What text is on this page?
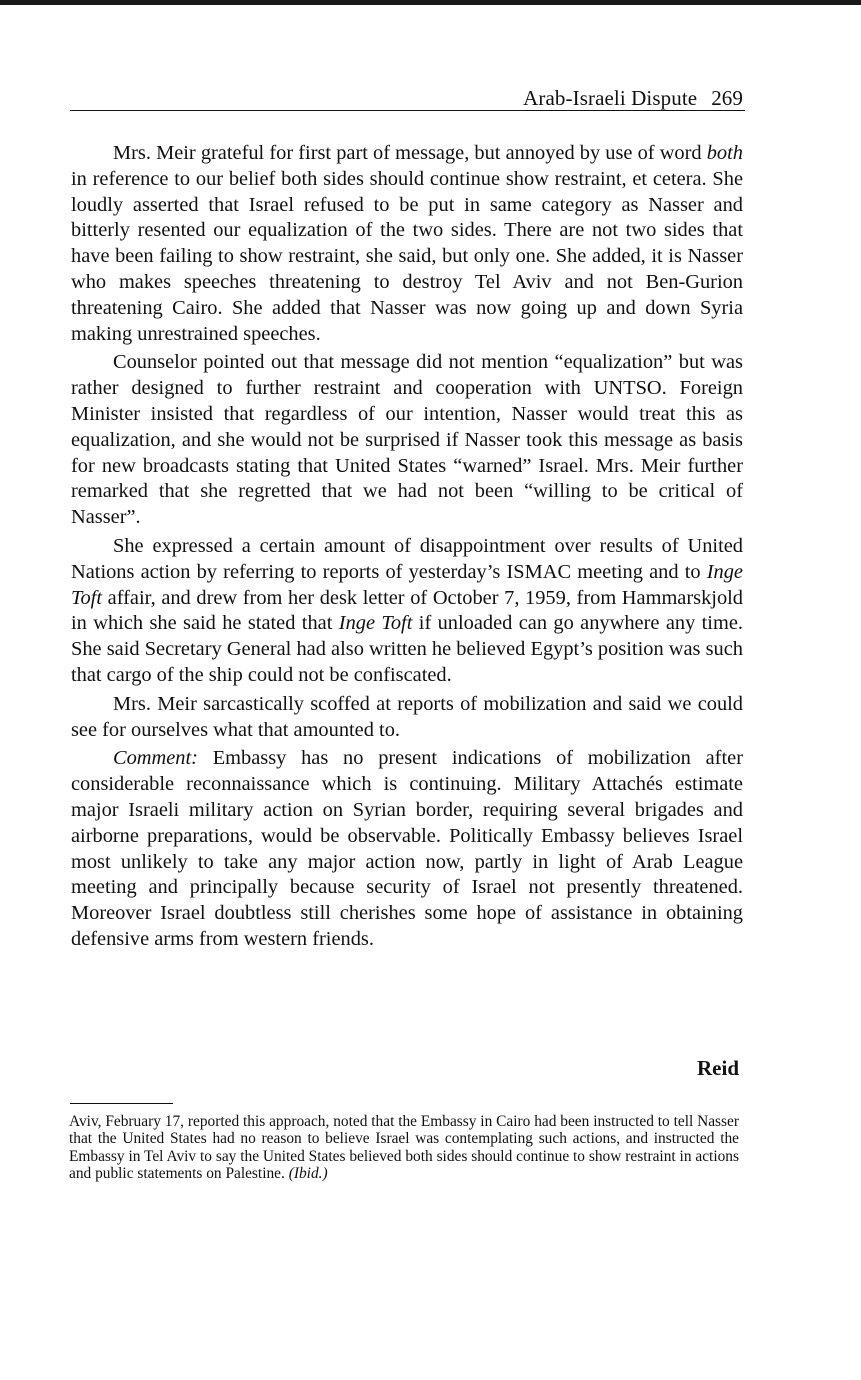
Arab-Israeli Dispute 269

Mrs. Meir grateful for first part of message, but annoyed by use of word both in reference to our belief both sides should continue show restraint, et cetera. She loudly asserted that Israel refused to be put in same category as Nasser and bitterly resented our equalization of the two sides. There are not two sides that have been failing to show restraint, she said, but only one. She added, it is Nasser who makes speeches threatening to destroy Tel Aviv and not Ben-Gurion threatening Cairo. She added that Nasser was now going up and down Syria making unrestrained speeches.

Counselor pointed out that message did not mention “equalization” but was rather designed to further restraint and cooperation with UNTSO. Foreign Minister insisted that regardless of our intention, Nasser would treat this as equalization, and she would not be surprised if Nasser took this message as basis for new broadcasts stating that United States “warned” Israel. Mrs. Meir further remarked that she regretted that we had not been “willing to be critical of Nasser”.

She expressed a certain amount of disappointment over results of United Nations action by referring to reports of yesterday’s ISMAC meeting and to Inge Toft affair, and drew from her desk letter of October 7, 1959, from Hammarskjold in which she said he stated that Inge Toft if unloaded can go anywhere any time. She said Secretary General had also written he believed Egypt’s position was such that cargo of the ship could not be confiscated.

Mrs. Meir sarcastically scoffed at reports of mobilization and said we could see for ourselves what that amounted to.

Comment: Embassy has no present indications of mobilization after considerable reconnaissance which is continuing. Military Attachés estimate major Israeli military action on Syrian border, requiring several brigades and airborne preparations, would be observable. Politically Embassy believes Israel most unlikely to take any major action now, partly in light of Arab League meeting and principally because security of Israel not presently threatened. Moreover Israel doubtless still cherishes some hope of assistance in obtaining defensive arms from western friends.

Reid
Aviv, February 17, reported this approach, noted that the Embassy in Cairo had been instructed to tell Nasser that the United States had no reason to believe Israel was contemplating such actions, and instructed the Embassy in Tel Aviv to say the United States believed both sides should continue to show restraint in actions and public statements on Palestine. (Ibid.)
